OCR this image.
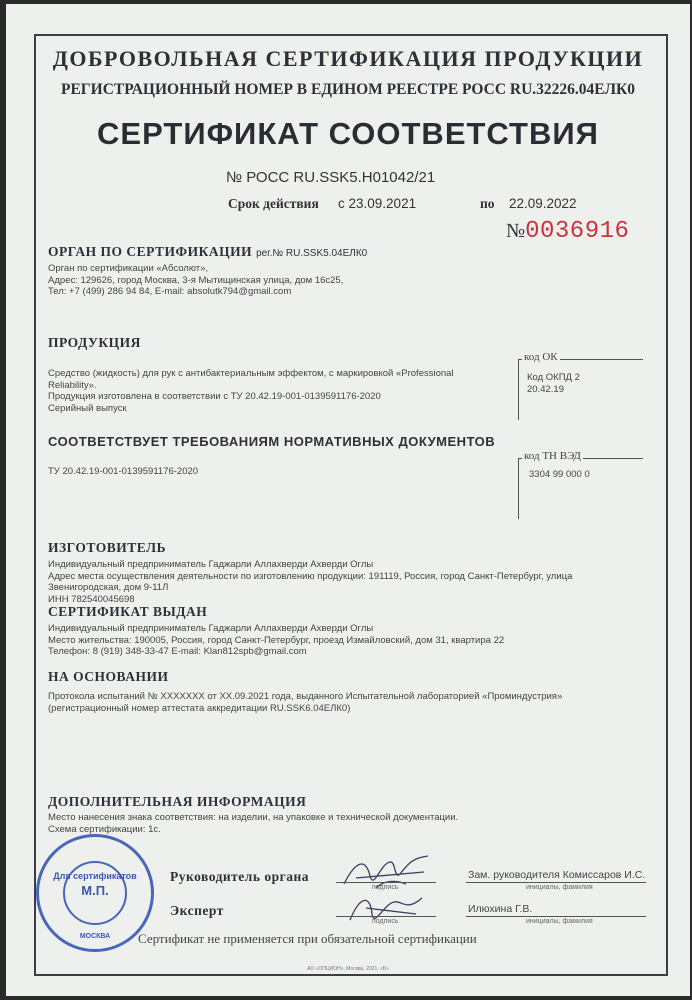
ДОБРОВОЛЬНАЯ СЕРТИФИКАЦИЯ ПРОДУКЦИИ
РЕГИСТРАЦИОННЫЙ НОМЕР В ЕДИНОМ РЕЕСТРЕ РОСС RU.32226.04ЕЛК0
СЕРТИФИКАТ СООТВЕТСТВИЯ
№ РОСС RU.SSK5.H01042/21
Срок действия с 23.09.2021	по 22.09.2022
№0036916
ОРГАН ПО СЕРТИФИКАЦИИ рег.№ RU.SSK5.04ЕЛК0
Орган по сертификации «Абсолют»,
Адрес: 129626, город Москва, 3-я Мытищинская улица, дом 16с25,
Тел: +7 (499) 286 94 84, E-mail: absolutk794@gmail.com
ПРОДУКЦИЯ
Средство (жидкость) для рук с антибактериальным эффектом, с маркировкой «Professional
Reliability».
Продукция изготовлена в соответствии с ТУ 20.42.19-001-0139591176-2020
Серийный выпуск
код ОК
Код ОКПД 2
20.42.19
СООТВЕТСТВУЕТ ТРЕБОВАНИЯМ НОРМАТИВНЫХ ДОКУМЕНТОВ
ТУ 20.42.19-001-0139591176-2020
код ТН ВЭД
3304 99 000 0
ИЗГОТОВИТЕЛЬ
Индивидуальный предприниматель Гаджарли Аллахверди Ахверди Оглы
Адрес места осуществления деятельности по изготовлению продукции: 191119, Россия, город Санкт-Петербург, улица
Звенигородская, дом 9-11Л
ИНН 782540045698
СЕРТИФИКАТ ВЫДАН
Индивидуальный предприниматель Гаджарли Аллахверди Ахверди Оглы
Место жительства: 190005, Россия, город Санкт-Петербург, проезд Измайловский, дом 31, квартира 22
Телефон: 8 (919) 348-33-47 E-mail: Klan812spb@gmail.com
НА ОСНОВАНИИ
Протокола испытаний № XXXXXXX от XX.09.2021 года, выданного Испытательной лабораторией «Проминдустрия»
(регистрационный номер аттестата аккредитации RU.SSK6.04ЕЛК0)
ДОПОЛНИТЕЛЬНАЯ ИНФОРМАЦИЯ
Место нанесения знака соответствия: на изделии, на упаковке и технической документации.
Схема сертификации: 1с.
Руководитель органа
подпись
Зам. руководителя Комиссаров И.С.
инициалы, фамилия
Эксперт
подпись
Илюхина Г.В.
инициалы, фамилия
Для сертификатов
М.П.
МОСКВА	Сертификат не применяется при обязательной сертификации
АО «ОПЦИОН», Москва, 2021, «Б»
